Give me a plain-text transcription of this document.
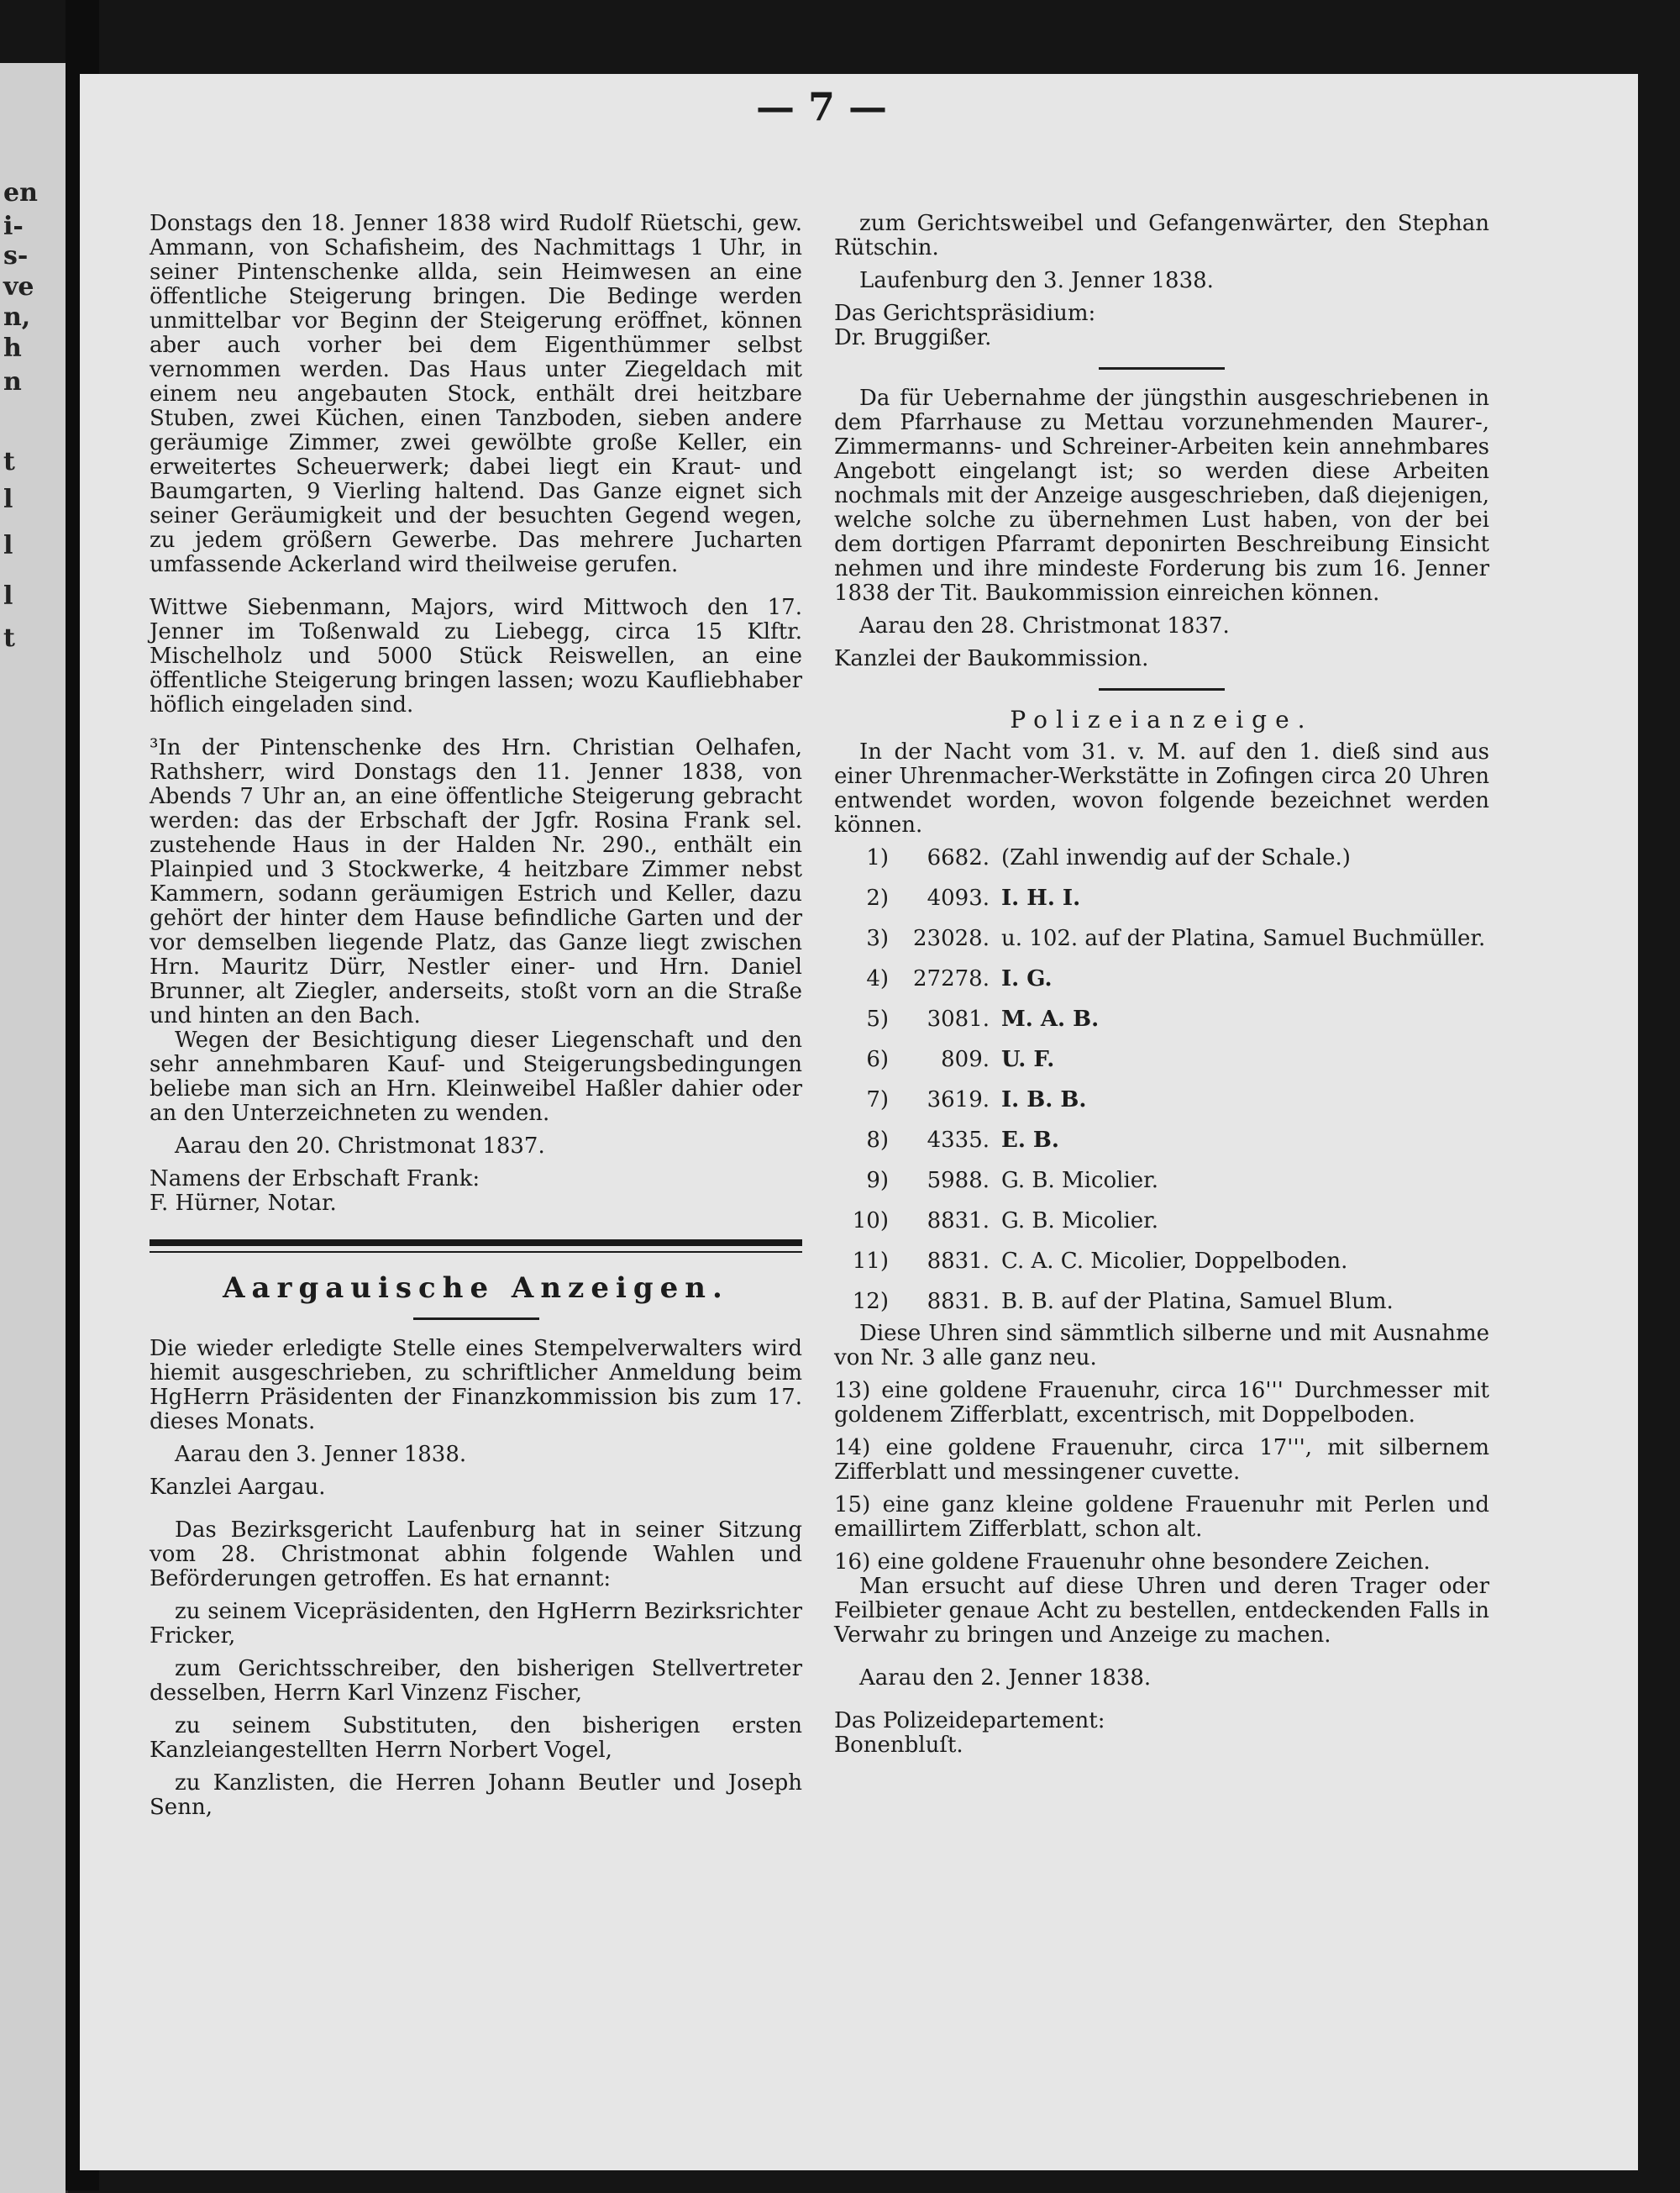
en
i-
s-
ve
n,
h
n
t
l
l
l
t
— 7 —

Donstags den 18. Jenner 1838 wird Rudolf Rüetschi, gew. Ammann, von Schafisheim, des Nachmittags 1 Uhr, in seiner Pintenschenke allda, sein Heimwesen an eine öffentliche Steigerung bringen. Die Bedinge werden unmittelbar vor Beginn der Steigerung eröffnet, können aber auch vorher bei dem Eigenthümmer selbst vernommen werden. Das Haus unter Ziegeldach mit einem neu angebauten Stock, enthält drei heitzbare Stuben, zwei Küchen, einen Tanzboden, sieben andere geräumige Zimmer, zwei gewölbte große Keller, ein erweitertes Scheuerwerk; dabei liegt ein Kraut- und Baumgarten, 9 Vierling haltend. Das Ganze eignet sich seiner Geräumigkeit und der besuchten Gegend wegen, zu jedem größern Gewerbe. Das mehrere Jucharten umfassende Ackerland wird theilweise gerufen.

Wittwe Siebenmann, Majors, wird Mittwoch den 17. Jenner im Toßenwald zu Liebegg, circa 15 Klftr. Mischelholz und 5000 Stück Reiswellen, an eine öffentliche Steigerung bringen lassen; wozu Kaufliebhaber höflich eingeladen sind.

³In der Pintenschenke des Hrn. Christian Oelhafen, Rathsherr, wird Donstags den 11. Jenner 1838, von Abends 7 Uhr an, an eine öffentliche Steigerung gebracht werden: das der Erbschaft der Jgfr. Rosina Frank sel. zustehende Haus in der Halden Nr. 290., enthält ein Plainpied und 3 Stockwerke, 4 heitzbare Zimmer nebst Kammern, sodann geräumigen Estrich und Keller, dazu gehört der hinter dem Hause befindliche Garten und der vor demselben liegende Platz, das Ganze liegt zwischen Hrn. Mauritz Dürr, Nestler einer- und Hrn. Daniel Brunner, alt Ziegler, anderseits, stoßt vorn an die Straße und hinten an den Bach.

Wegen der Besichtigung dieser Liegenschaft und den sehr annehmbaren Kauf- und Steigerungsbedingungen beliebe man sich an Hrn. Kleinweibel Haßler dahier oder an den Unterzeichneten zu wenden.

Aarau den 20. Christmonat 1837.

Namens der Erbschaft Frank:

F. Hürner, Notar.

Aargauische Anzeigen.

Die wieder erledigte Stelle eines Stempelverwalters wird hiemit ausgeschrieben, zu schriftlicher Anmeldung beim HgHerrn Präsidenten der Finanzkommission bis zum 17. dieses Monats.

Aarau den 3. Jenner 1838.

Kanzlei Aargau.

Das Bezirksgericht Laufenburg hat in seiner Sitzung vom 28. Christmonat abhin folgende Wahlen und Beförderungen getroffen. Es hat ernannt:

zu seinem Vicepräsidenten, den HgHerrn Bezirksrichter Fricker,

zum Gerichtsschreiber, den bisherigen Stellvertreter desselben, Herrn Karl Vinzenz Fischer,

zu seinem Substituten, den bisherigen ersten Kanzleiangestellten Herrn Norbert Vogel,

zu Kanzlisten, die Herren Johann Beutler und Joseph Senn,

zum Gerichtsweibel und Gefangenwärter, den Stephan Rütschin.

Laufenburg den 3. Jenner 1838.

Das Gerichtspräsidium:

Dr. Bruggißer.

Da für Uebernahme der jüngsthin ausgeschriebenen in dem Pfarrhause zu Mettau vorzunehmenden Maurer-, Zimmermanns- und Schreiner-Arbeiten kein annehmbares Angebott eingelangt ist; so werden diese Arbeiten nochmals mit der Anzeige ausgeschrieben, daß diejenigen, welche solche zu übernehmen Lust haben, von der bei dem dortigen Pfarramt deponirten Beschreibung Einsicht nehmen und ihre mindeste Forderung bis zum 16. Jenner 1838 der Tit. Baukommission einreichen können.

Aarau den 28. Christmonat 1837.

Kanzlei der Baukommission.

Polizeianzeige.

In der Nacht vom 31. v. M. auf den 1. dieß sind aus einer Uhrenmacher-Werkstätte in Zofingen circa 20 Uhren entwendet worden, wovon folgende bezeichnet werden können.

1)	6682. (Zahl inwendig auf der Schale.)
2)	4093. I. H. I.
3)	23028. u. 102. auf der Platina, Samuel Buchmüller.
4)	27278. I. G.
5)	3081. M. A. B.
6)	809. U. F.
7)	3619. I. B. B.
8)	4335. E. B.
9)	5988. G. B. Micolier.
10)	8831. G. B. Micolier.
11)	8831. C. A. C. Micolier, Doppelboden.
12)	8831. B. B. auf der Platina, Samuel Blum.

Diese Uhren sind sämmtlich silberne und mit Ausnahme von Nr. 3 alle ganz neu.

13) eine goldene Frauenuhr, circa 16''' Durchmesser mit goldenem Zifferblatt, excentrisch, mit Doppelboden.

14) eine goldene Frauenuhr, circa 17''', mit silbernem Zifferblatt und messingener cuvette.

15) eine ganz kleine goldene Frauenuhr mit Perlen und emaillirtem Zifferblatt, schon alt.

16) eine goldene Frauenuhr ohne besondere Zeichen.

Man ersucht auf diese Uhren und deren Trager oder Feilbieter genaue Acht zu bestellen, entdeckenden Falls in Verwahr zu bringen und Anzeige zu machen.

Aarau den 2. Jenner 1838.

Das Polizeidepartement:

Bonenbluſt.
